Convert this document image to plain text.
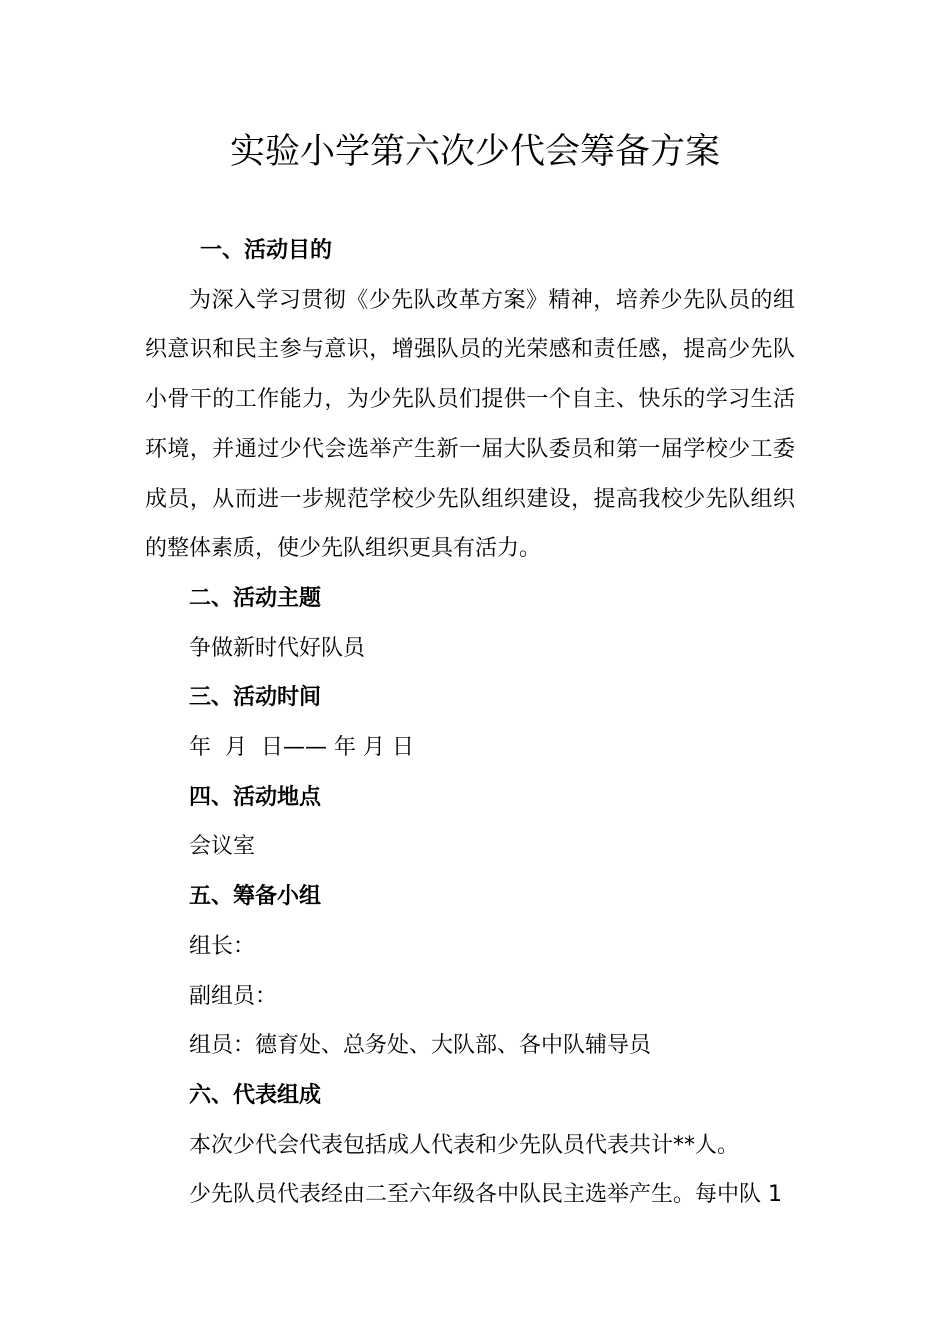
实验小学第六次少代会筹备方案
一、活动目的
为深入学习贯彻《少先队改革方案》精神，培养少先队员的组织意识和民主参与意识，增强队员的光荣感和责任感，提高少先队小骨干的工作能力，为少先队员们提供一个自主、快乐的学习生活环境，并通过少代会选举产生新一届大队委员和第一届学校少工委成员，从而进一步规范学校少先队组织建设，提高我校少先队组织的整体素质，使少先队组织更具有活力。
二、活动主题
争做新时代好队员
三、活动时间
年  月  日—— 年 月 日
四、活动地点
会议室
五、筹备小组
组长：
副组员：
组员：德育处、总务处、大队部、各中队辅导员
六、代表组成
本次少代会代表包括成人代表和少先队员代表共计**人。
少先队员代表经由二至六年级各中队民主选举产生。每中队 1
